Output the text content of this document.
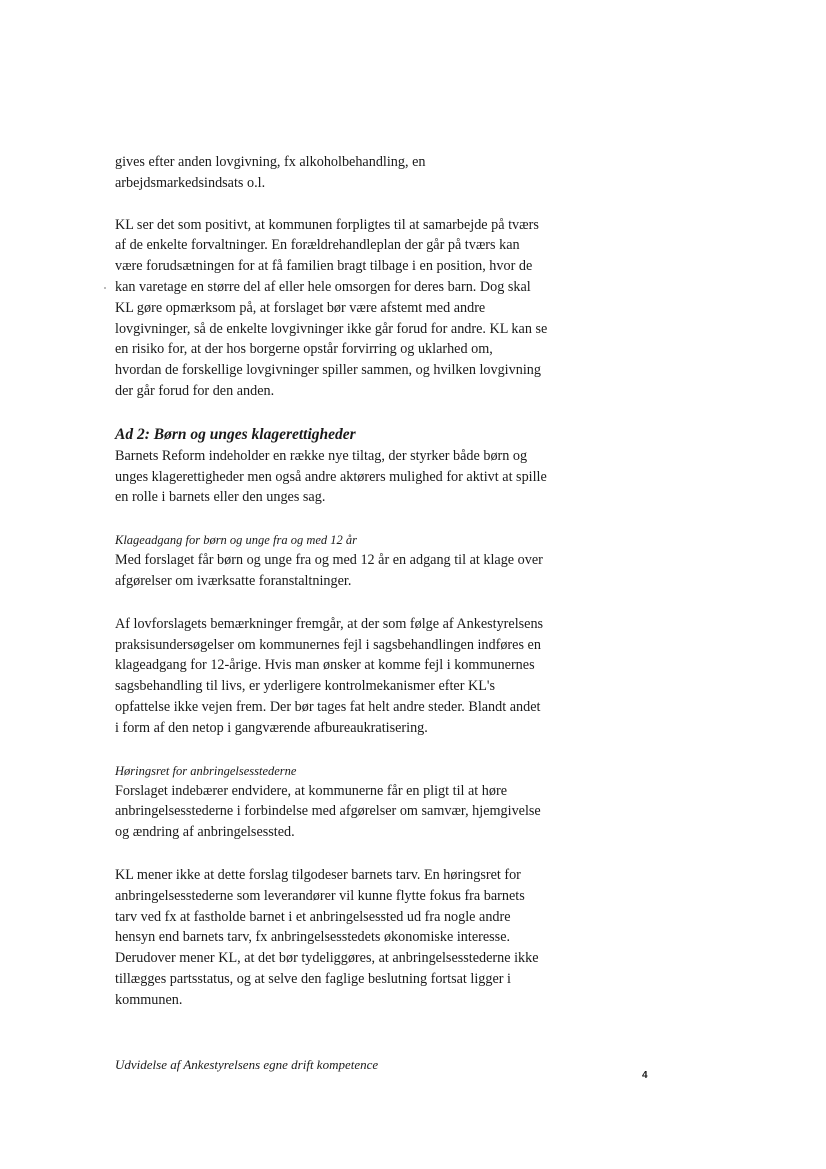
gives efter anden lovgivning, fx alkoholbehandling, en
arbejdsmarkedsindsats o.l.
KL ser det som positivt, at kommunen forpligtes til at samarbejde på tværs
af de enkelte forvaltninger. En forældrehandleplan der går på tværs kan
være forudsætningen for at få familien bragt tilbage i en position, hvor de
kan varetage en større del af eller hele omsorgen for deres barn. Dog skal
KL gøre opmærksom på, at forslaget bør være afstemt med andre
lovgivninger, så de enkelte lovgivninger ikke går forud for andre. KL kan se
en risiko for, at der hos borgerne opstår forvirring og uklarhed om,
hvordan de forskellige lovgivninger spiller sammen, og hvilken lovgivning
der går forud for den anden.
Ad 2: Børn og unges klagerettigheder
Barnets Reform indeholder en række nye tiltag, der styrker både børn og
unges klagerettigheder men også andre aktørers mulighed for aktivt at spille
en rolle i barnets eller den unges sag.
Klageadgang for børn og unge fra og med 12 år
Med forslaget får børn og unge fra og med 12 år en adgang til at klage over
afgørelser om iværksatte foranstaltninger.
Af lovforslagets bemærkninger fremgår, at der som følge af Ankestyrelsens
praksisundersøgelser om kommunernes fejl i sagsbehandlingen indføres en
klageadgang for 12-årige. Hvis man ønsker at komme fejl i kommunernes
sagsbehandling til livs, er yderligere kontrolmekanismer efter KL's
opfattelse ikke vejen frem. Der bør tages fat helt andre steder. Blandt andet
i form af den netop i gangværende afbureaukratisering.
Høringsret for anbringelsesstederne
Forslaget indebærer endvidere, at kommunerne får en pligt til at høre
anbringelsesstederne i forbindelse med afgørelser om samvær, hjemgivelse
og ændring af anbringelsessted.
KL mener ikke at dette forslag tilgodeser barnets tarv. En høringsret for
anbringelsesstederne som leverandører vil kunne flytte fokus fra barnets
tarv ved fx at fastholde barnet i et anbringelsessted ud fra nogle andre
hensyn end barnets tarv, fx anbringelsesstedets økonomiske interesse.
Derudover mener KL, at det bør tydeliggøres, at anbringelsesstederne ikke
tillægges partsstatus, og at selve den faglige beslutning fortsat ligger i
kommunen.
Udvidelse af Ankestyrelsens egne drift kompetence
4
